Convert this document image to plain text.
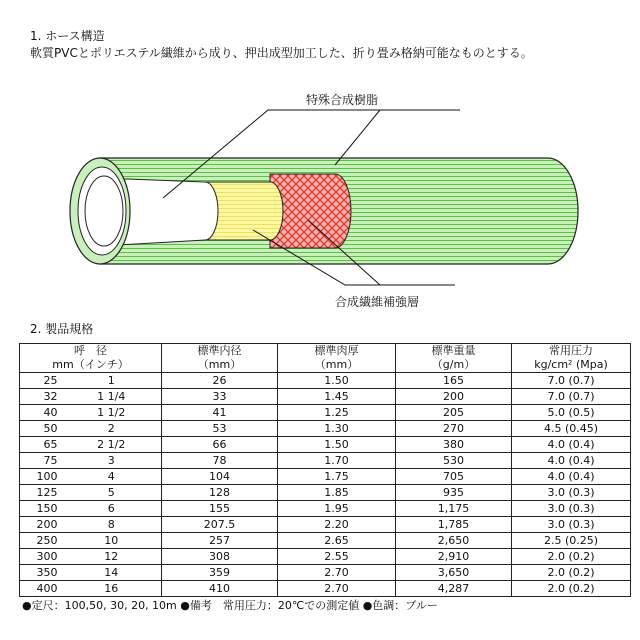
1. ホース構造
軟質PVCとポリエステル繊維から成り、押出成型加工した、折り畳み格納可能なものとする。
特殊合成樹脂
合成繊維補強層
2. 製品規格
呼　径		標準内径	標準肉厚	標準重量	常用圧力
mm（インチ）		（mm）	（mm）	（g/m）	kg/cm² (Mpa)
25	1	26	1.50	165	7.0 (0.7)
32	1 1/4	33	1.45	200	7.0 (0.7)
40	1 1/2	41	1.25	205	5.0 (0.5)
50	2	53	1.30	270	4.5 (0.45)
65	2 1/2	66	1.50	380	4.0 (0.4)
75	3	78	1.70	530	4.0 (0.4)
100	4	104	1.75	705	4.0 (0.4)
125	5	128	1.85	935	3.0 (0.3)
150	6	155	1.95	1,175	3.0 (0.3)
200	8	207.5	2.20	1,785	3.0 (0.3)
250	10	257	2.65	2,650	2.5 (0.25)
300	12	308	2.55	2,910	2.0 (0.2)
350	14	359	2.70	3,650	2.0 (0.2)
400	16	410	2.70	4,287	2.0 (0.2)
●定尺：100,50, 30, 20, 10m ●備考　常用圧力：20℃での測定値 ●色調：ブルー
